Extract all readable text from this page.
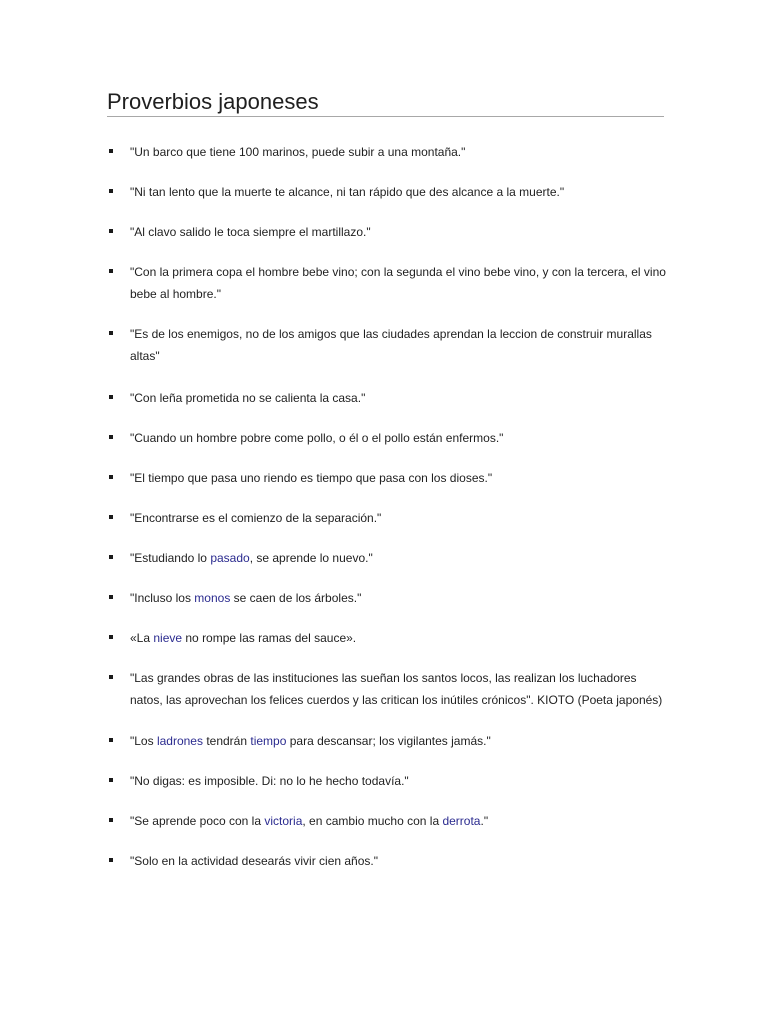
Proverbios japoneses
"Un barco que tiene 100 marinos, puede subir a una montaña."
"Ni tan lento que la muerte te alcance, ni tan rápido que des alcance a la muerte."
"Al clavo salido le toca siempre el martillazo."
"Con la primera copa el hombre bebe vino; con la segunda el vino bebe vino, y con la tercera, el vino bebe al hombre."
"Es de los enemigos, no de los amigos que las ciudades aprendan la leccion de construir murallas altas"
"Con leña prometida no se calienta la casa."
"Cuando un hombre pobre come pollo, o él o el pollo están enfermos."
"El tiempo que pasa uno riendo es tiempo que pasa con los dioses."
"Encontrarse es el comienzo de la separación."
"Estudiando lo pasado, se aprende lo nuevo."
"Incluso los monos se caen de los árboles."
«La nieve no rompe las ramas del sauce».
"Las grandes obras de las instituciones las sueñan los santos locos, las realizan los luchadores natos, las aprovechan los felices cuerdos y las critican los inútiles crónicos". KIOTO (Poeta japonés)
"Los ladrones tendrán tiempo para descansar; los vigilantes jamás."
"No digas: es imposible. Di: no lo he hecho todavía."
"Se aprende poco con la victoria, en cambio mucho con la derrota."
"Solo en la actividad desearás vivir cien años."
